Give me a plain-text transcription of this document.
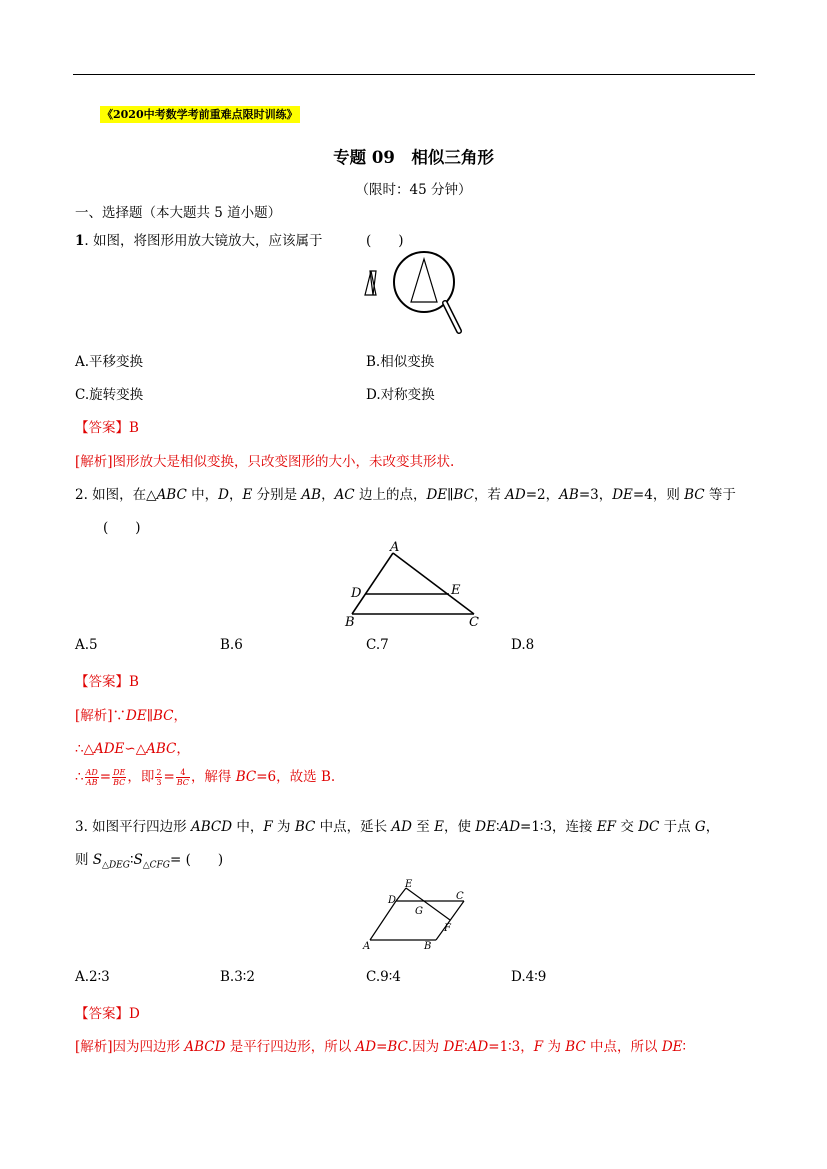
《2020中考数学考前重难点限时训练》
专题 09　相似三角形
（限时：45 分钟）
一、选择题（本大题共 5 道小题）
1. 如图，将图形用放大镜放大，应该属于	(　　)
A.平移变换	B.相似变换
C.旋转变换	D.对称变换
【答案】B
[解析]图形放大是相似变换，只改变图形的大小，未改变其形状.
2. 如图，在△ABC 中，D，E 分别是 AB，AC 边上的点，DE∥BC，若 AD=2，AB=3，DE=4，则 BC 等于
(　　)
A
D	E
B	C
A.5	B.6	C.7	D.8
【答案】B
[解析]∵DE∥BC，
∴△ADE∽△ABC，
∴ $\frac{AD}{AB} = \frac{DE}{BC}$ ，即 $\frac{2}{3} = \frac{4}{BC}$ ，解得 BC=6，故选 B.
3. 如图平行四边形 ABCD 中，F 为 BC 中点，延长 AD 至 E，使 DE∶AD=1∶3，连接 EF 交 DC 于点 G，
则 $S_{\triangle DEG}∶S_{\triangle CFG}=$ (　　)
E
D	C
G
F
A	B
A.2∶3	B.3∶2	C.9∶4	D.4∶9
【答案】D
[解析]因为四边形 ABCD 是平行四边形，所以 AD=BC.因为 DE∶AD=1∶3，F 为 BC 中点，所以 DE∶
